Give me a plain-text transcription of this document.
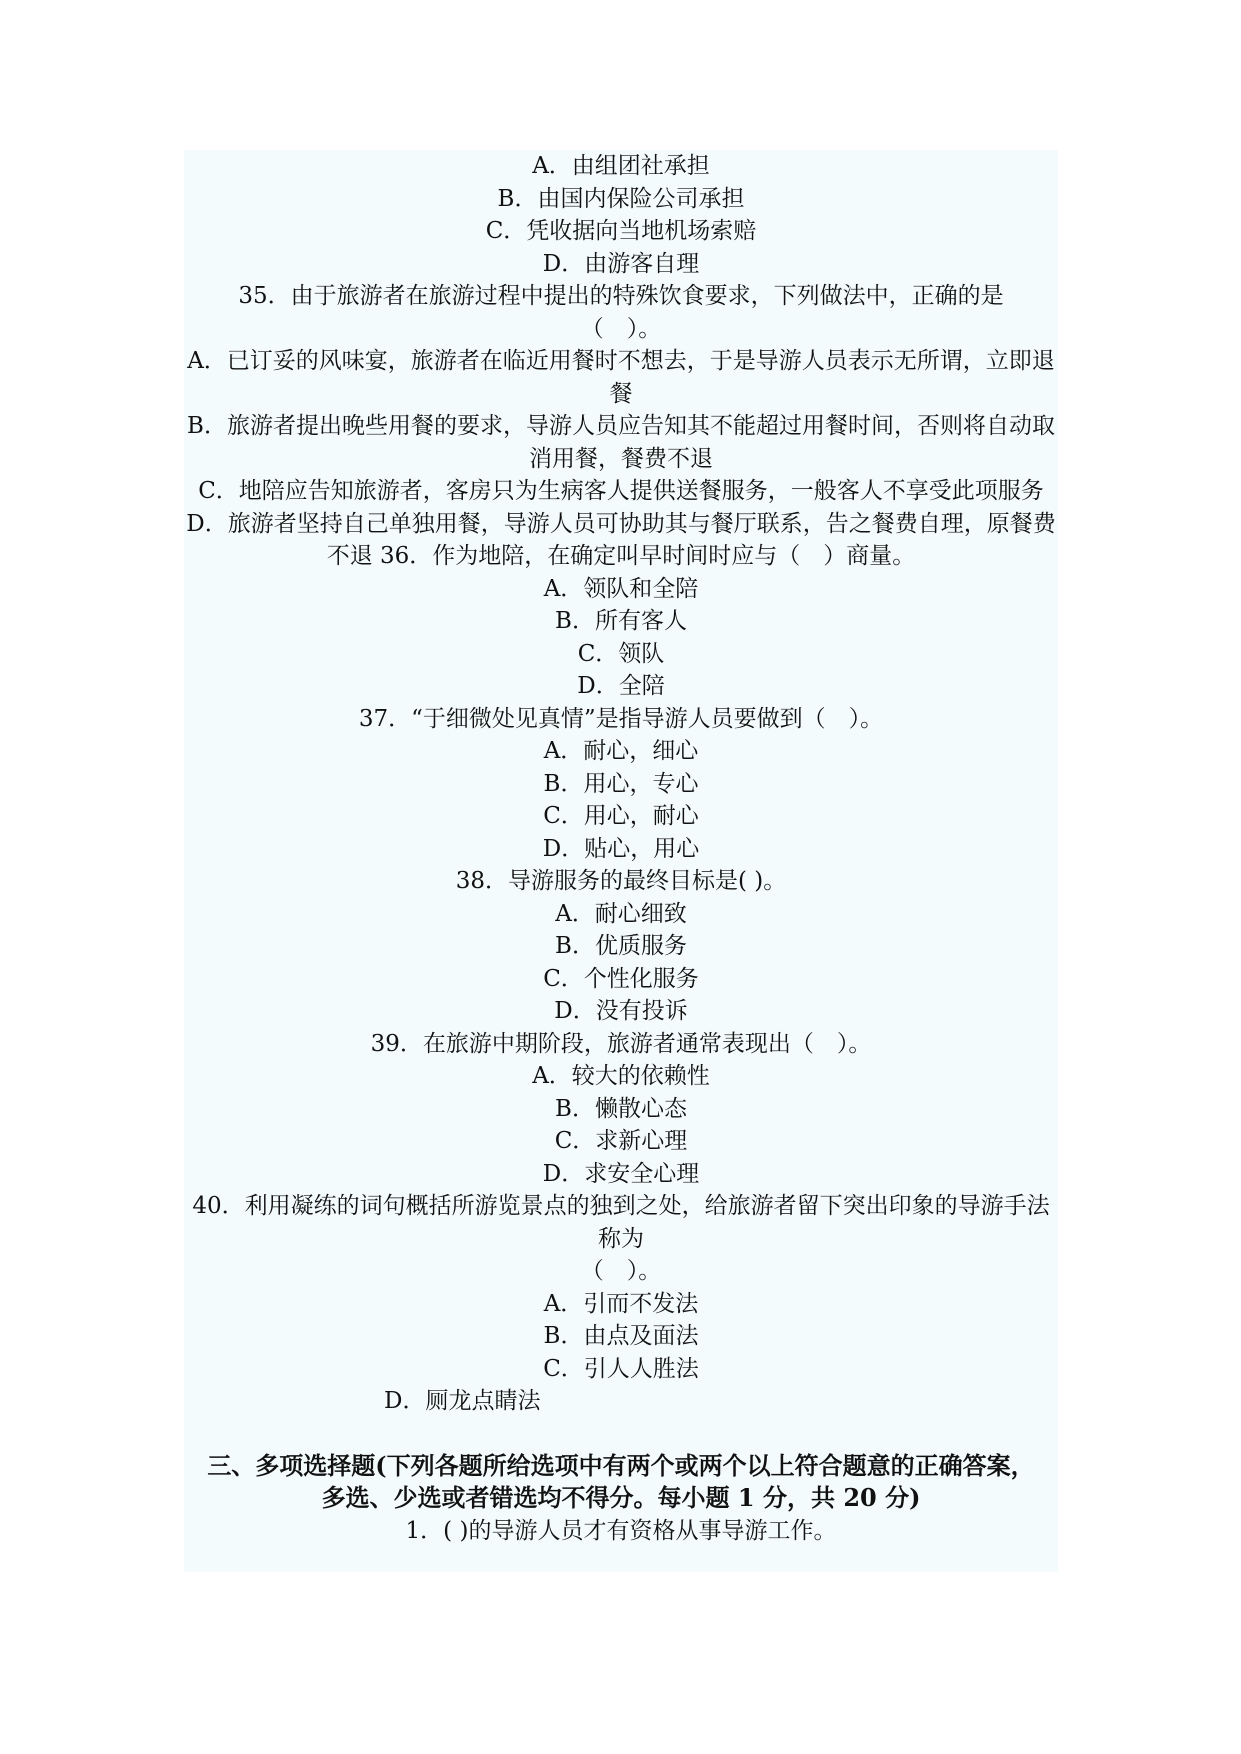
A．由组团社承担
B．由国内保险公司承担
C．凭收据向当地机场索赔
D．由游客自理
35．由于旅游者在旅游过程中提出的特殊饮食要求，下列做法中，正确的是
（　）。
A．已订妥的风味宴，旅游者在临近用餐时不想去，于是导游人员表示无所谓，立即退餐
B．旅游者提出晚些用餐的要求，导游人员应告知其不能超过用餐时间，否则将自动取消用餐，餐费不退
C．地陪应告知旅游者，客房只为生病客人提供送餐服务，一般客人不享受此项服务
D．旅游者坚持自己单独用餐，导游人员可协助其与餐厅联系，告之餐费自理，原餐费不退 36．作为地陪，在确定叫早时间时应与（　）商量。
A．领队和全陪
B．所有客人
C．领队
D．全陪
37．“于细微处见真情”是指导游人员要做到（　）。
A．耐心，细心
B．用心，专心
C．用心，耐心
D．贴心，用心
38．导游服务的最终目标是( )。
A．耐心细致
B．优质服务
C．个性化服务
D．没有投诉
39．在旅游中期阶段，旅游者通常表现出（　）。
A．较大的依赖性
B．懒散心态
C．求新心理
D．求安全心理
40．利用凝练的词句概括所游览景点的独到之处，给旅游者留下突出印象的导游手法称为
（　）。
A．引而不发法
B．由点及面法
C．引人人胜法
D．厕龙点睛法
三、多项选择题(下列各题所给选项中有两个或两个以上符合题意的正确答案，
多选、少选或者错选均不得分。每小题 1 分，共 20 分)
1．( )的导游人员才有资格从事导游工作。
